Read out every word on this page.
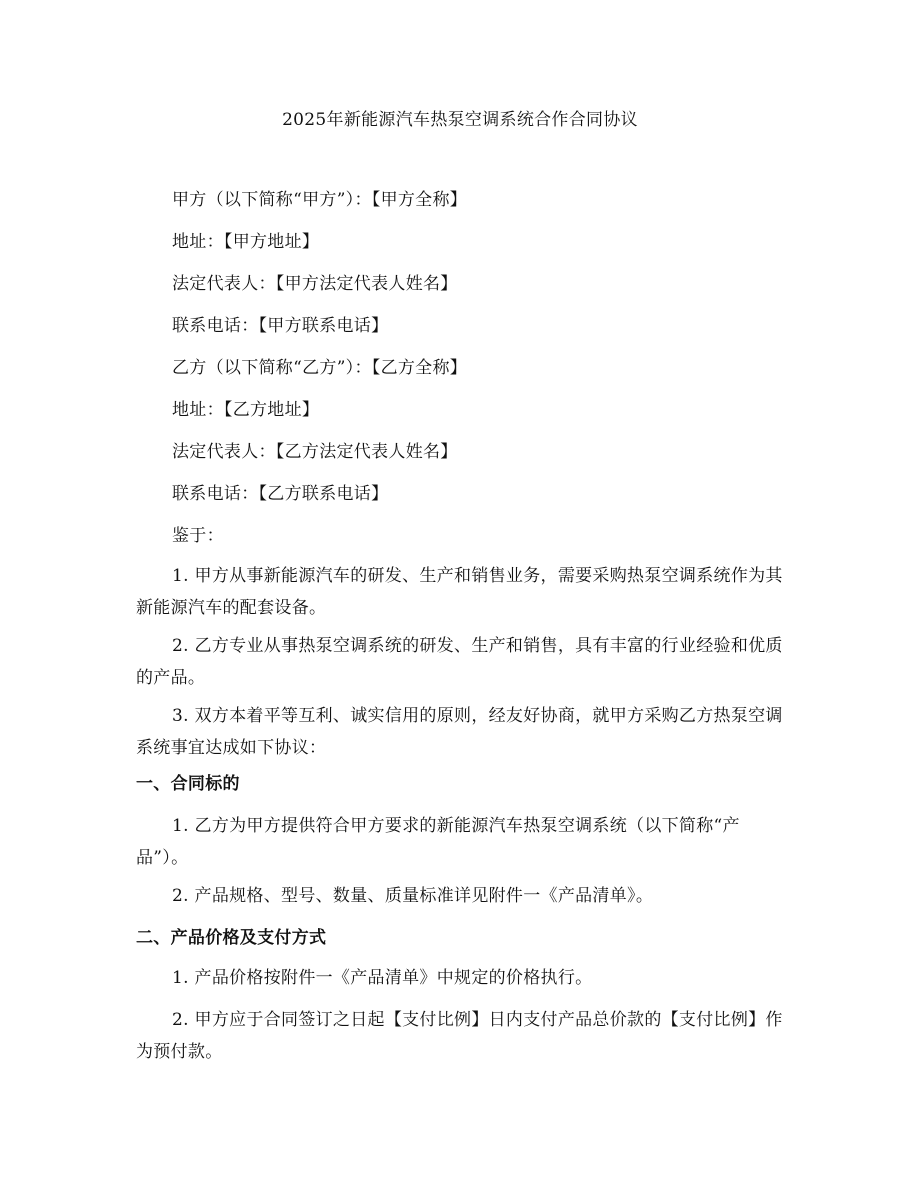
2025年新能源汽车热泵空调系统合作合同协议
甲方（以下简称“甲方”）：【甲方全称】
地址：【甲方地址】
法定代表人：【甲方法定代表人姓名】
联系电话：【甲方联系电话】
乙方（以下简称“乙方”）：【乙方全称】
地址：【乙方地址】
法定代表人：【乙方法定代表人姓名】
联系电话：【乙方联系电话】
鉴于：
1. 甲方从事新能源汽车的研发、生产和销售业务，需要采购热泵空调系统作为其新能源汽车的配套设备。
2. 乙方专业从事热泵空调系统的研发、生产和销售，具有丰富的行业经验和优质的产品。
3. 双方本着平等互利、诚实信用的原则，经友好协商，就甲方采购乙方热泵空调系统事宜达成如下协议：
一、合同标的
1. 乙方为甲方提供符合甲方要求的新能源汽车热泵空调系统（以下简称“产品”）。
2. 产品规格、型号、数量、质量标准详见附件一《产品清单》。
二、产品价格及支付方式
1. 产品价格按附件一《产品清单》中规定的价格执行。
2. 甲方应于合同签订之日起【支付比例】日内支付产品总价款的【支付比例】作为预付款。
